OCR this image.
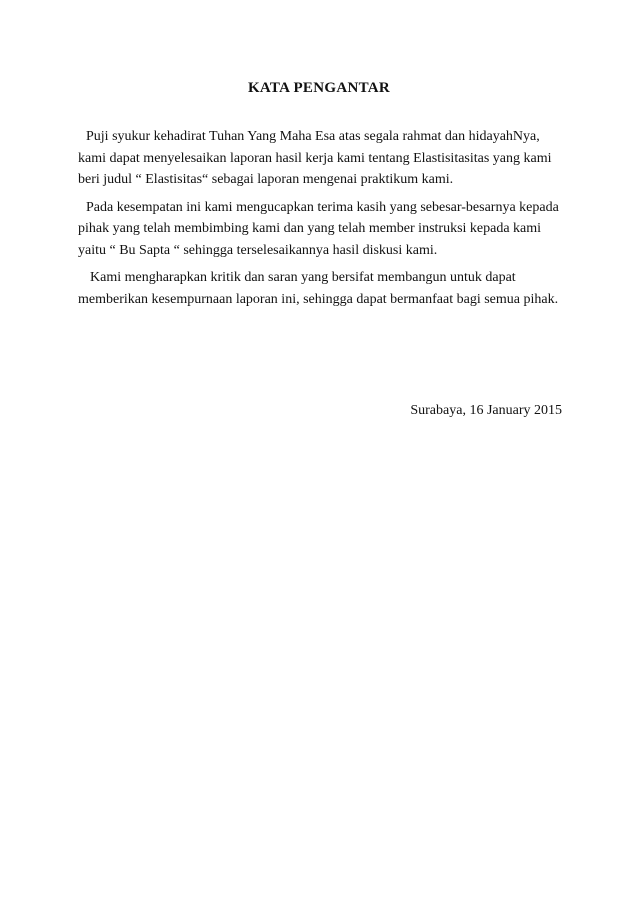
KATA PENGANTAR

Puji syukur kehadirat Tuhan Yang Maha Esa atas segala rahmat dan hidayahNya, kami dapat menyelesaikan laporan hasil kerja kami tentang Elastisitasitas yang kami beri judul “ Elastisitas“ sebagai laporan mengenai praktikum kami.

Pada kesempatan ini kami mengucapkan terima kasih yang sebesar-besarnya kepada pihak yang telah membimbing kami dan yang telah member instruksi kepada kami yaitu “ Bu Sapta “ sehingga terselesaikannya hasil diskusi kami.

Kami mengharapkan kritik dan saran yang bersifat membangun untuk dapat memberikan kesempurnaan laporan ini, sehingga dapat bermanfaat bagi semua pihak.

Surabaya, 16 January 2015
